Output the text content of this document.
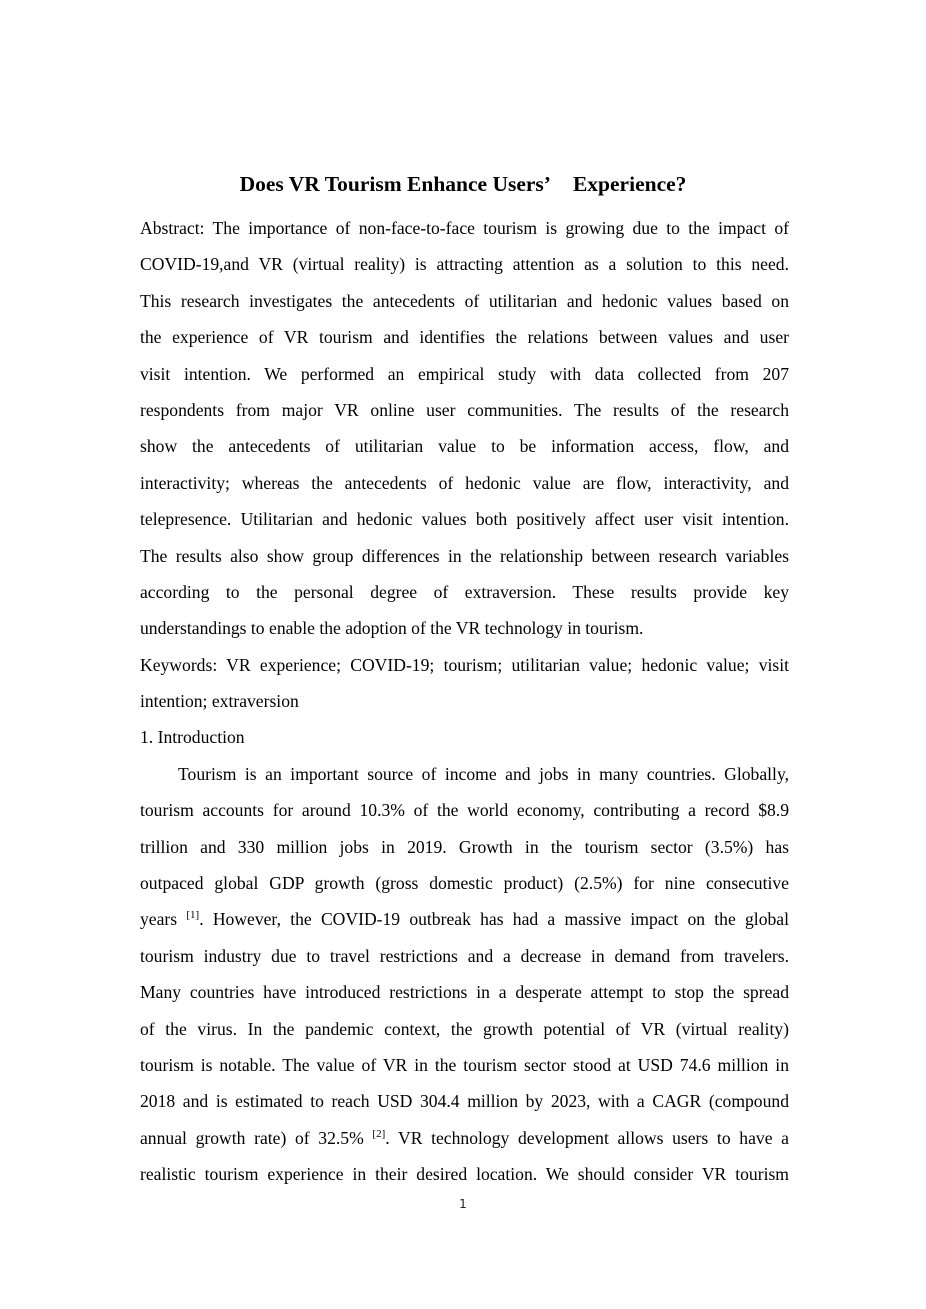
Does VR Tourism Enhance Users’ Experience?
Abstract: The importance of non-face-to-face tourism is growing due to the impact of
COVID-19,and VR (virtual reality) is attracting attention as a solution to this need.
This research investigates the antecedents of utilitarian and hedonic values based on
the experience of VR tourism and identifies the relations between values and user
visit intention. We performed an empirical study with data collected from 207
respondents from major VR online user communities. The results of the research
show the antecedents of utilitarian value to be information access, flow, and
interactivity; whereas the antecedents of hedonic value are flow, interactivity, and
telepresence. Utilitarian and hedonic values both positively affect user visit intention.
The results also show group differences in the relationship between research variables
according to the personal degree of extraversion. These results provide key
understandings to enable the adoption of the VR technology in tourism.
Keywords: VR experience; COVID-19; tourism; utilitarian value; hedonic value; visit
intention; extraversion
1. Introduction
Tourism is an important source of income and jobs in many countries. Globally,
tourism accounts for around 10.3% of the world economy, contributing a record $8.9
trillion and 330 million jobs in 2019. Growth in the tourism sector (3.5%) has
outpaced global GDP growth (gross domestic product) (2.5%) for nine consecutive
years [1]. However, the COVID-19 outbreak has had a massive impact on the global
tourism industry due to travel restrictions and a decrease in demand from travelers.
Many countries have introduced restrictions in a desperate attempt to stop the spread
of the virus. In the pandemic context, the growth potential of VR (virtual reality)
tourism is notable. The value of VR in the tourism sector stood at USD 74.6 million in
2018 and is estimated to reach USD 304.4 million by 2023, with a CAGR (compound
annual growth rate) of 32.5% [2]. VR technology development allows users to have a
realistic tourism experience in their desired location. We should consider VR tourism
1
